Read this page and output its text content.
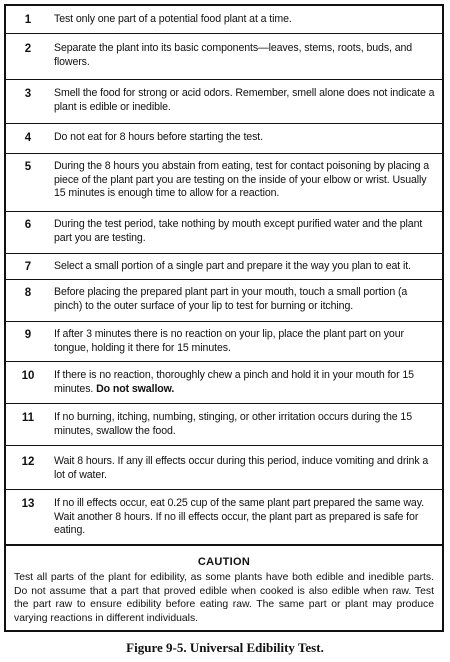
1	Test only one part of a potential food plant at a time.
2	Separate the plant into its basic components—leaves, stems, roots, buds, and flowers.
3	Smell the food for strong or acid odors. Remember, smell alone does not indicate a plant is edible or inedible.
4	Do not eat for 8 hours before starting the test.
5	During the 8 hours you abstain from eating, test for contact poisoning by placing a piece of the plant part you are testing on the inside of your elbow or wrist. Usually 15 minutes is enough time to allow for a reaction.
6	During the test period, take nothing by mouth except purified water and the plant part you are testing.
7	Select a small portion of a single part and prepare it the way you plan to eat it.
8	Before placing the prepared plant part in your mouth, touch a small portion (a pinch) to the outer surface of your lip to test for burning or itching.
9	If after 3 minutes there is no reaction on your lip, place the plant part on your tongue, holding it there for 15 minutes.
10	If there is no reaction, thoroughly chew a pinch and hold it in your mouth for 15 minutes. Do not swallow.
11	If no burning, itching, numbing, stinging, or other irritation occurs during the 15 minutes, swallow the food.
12	Wait 8 hours. If any ill effects occur during this period, induce vomiting and drink a lot of water.
13	If no ill effects occur, eat 0.25 cup of the same plant part prepared the same way. Wait another 8 hours. If no ill effects occur, the plant part as prepared is safe for eating.
CAUTION
Test all parts of the plant for edibility, as some plants have both edible and inedible parts. Do not assume that a part that proved edible when cooked is also edible when raw. Test the part raw to ensure edibility before eating raw. The same part or plant may produce varying reactions in different individuals.
Figure 9-5. Universal Edibility Test.
